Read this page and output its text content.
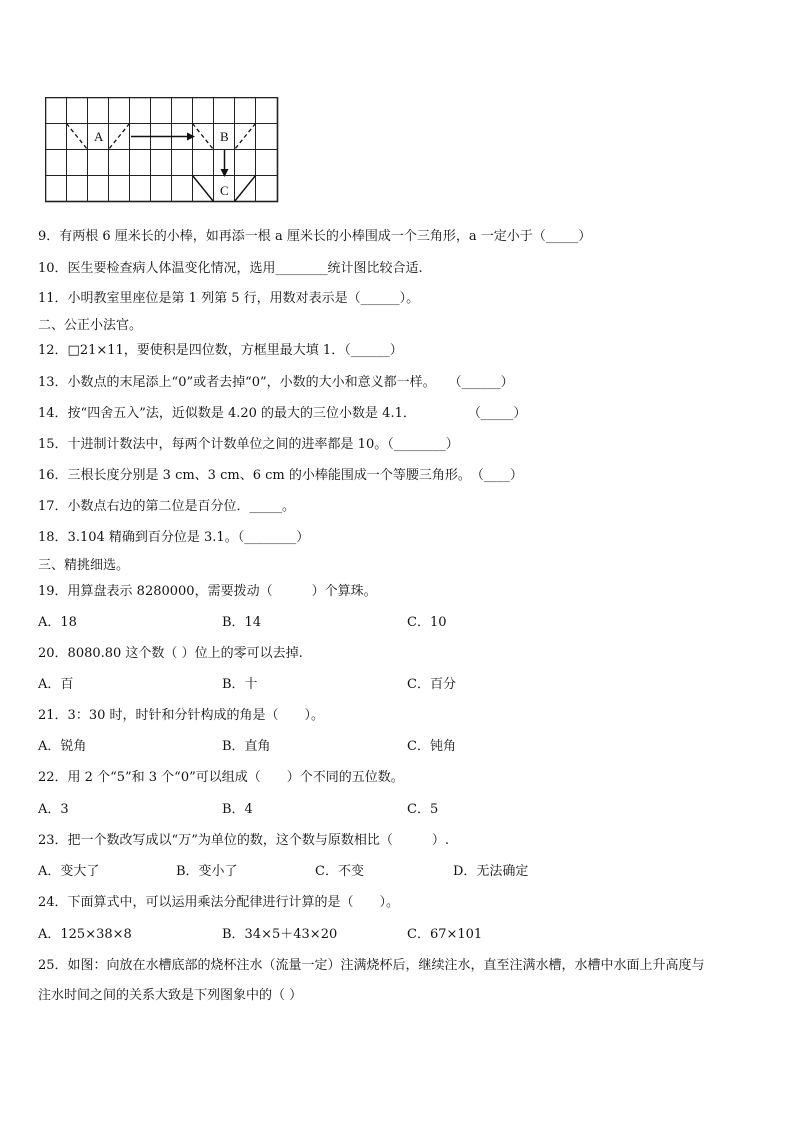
A	B
C
9．有两根 6 厘米长的小棒，如再添一根 a 厘米长的小棒围成一个三角形，a 一定小于（_____）
10．医生要检查病人体温变化情况，选用________统计图比较合适.
11．小明教室里座位是第 1 列第 5 行，用数对表示是（______）。
二、公正小法官。
12．□21×11，要使积是四位数，方框里最大填 1．（______）
13．小数点的末尾添上“0”或者去掉“0”，小数的大小和意义都一样。　　（______）
14．按“四舍五入”法，近似数是 4.20 的最大的三位小数是 4.1．　　　　　（_____）
15．十进制计数法中，每两个计数单位之间的进率都是 10。（________）
16．三根长度分别是 3 cm、3 cm、6 cm 的小棒能围成一个等腰三角形。　（____）
17．小数点右边的第二位是百分位．_____。
18．3.104 精确到百分位是 3.1。（________）
三、精挑细选。
19．用算盘表示 8280000，需要拨动（　　　）个算珠。
A．18	B．14	C．10
20．8080.80 这个数（ ）位上的零可以去掉.
A．百	B．十	C．百分
21．3：30 时，时针和分针构成的角是（　　）。
A．锐角	B．直角	C．钝角
22．用 2 个“5”和 3 个“0”可以组成（　　）个不同的五位数。
A．3	B．4	C．5
23．把一个数改写成以“万”为单位的数，这个数与原数相比（　　　）.
A．变大了	B．变小了	C．不变	D．无法确定
24．下面算式中，可以运用乘法分配律进行计算的是（　　）。
A．125×38×8	B．34×5＋43×20	C．67×101
25．如图：向放在水槽底部的烧杯注水（流量一定）注满烧杯后，继续注水，直至注满水槽，水槽中水面上升高度与
注水时间之间的关系大致是下列图象中的（ ）
